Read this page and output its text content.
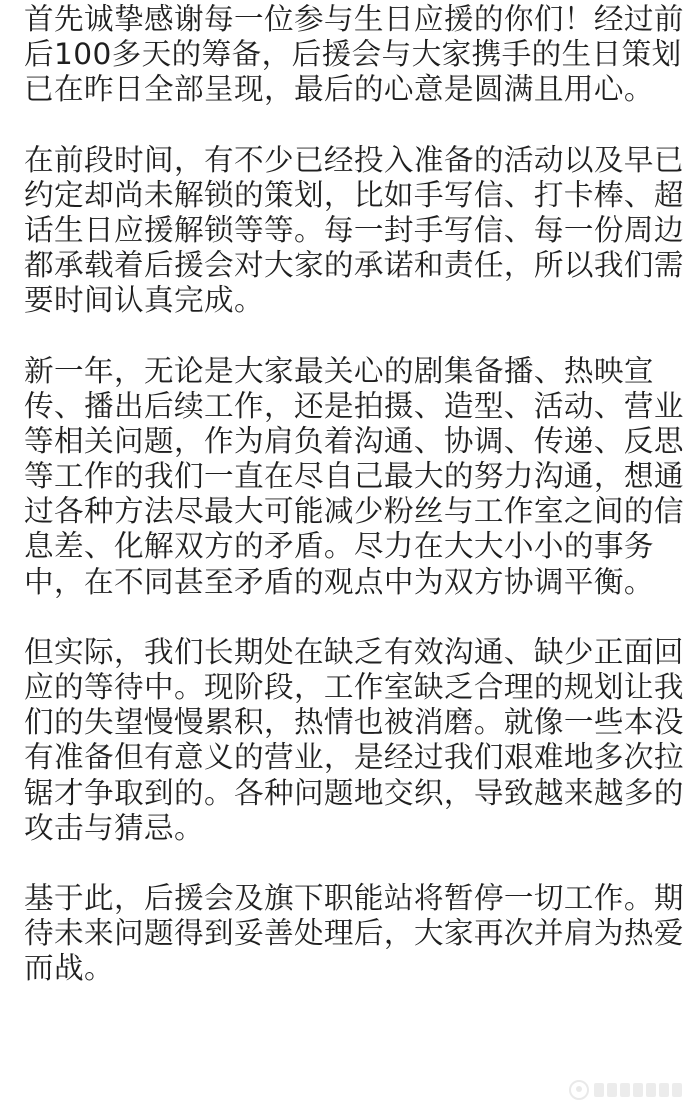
首先诚挚感谢每一位参与生日应援的你们！经过前
后100多天的筹备，后援会与大家携手的生日策划
已在昨日全部呈现，最后的心意是圆满且用心。

在前段时间，有不少已经投入准备的活动以及早已
约定却尚未解锁的策划，比如手写信、打卡棒、超
话生日应援解锁等等。每一封手写信、每一份周边
都承载着后援会对大家的承诺和责任，所以我们需
要时间认真完成。

新一年，无论是大家最关心的剧集备播、热映宣
传、播出后续工作，还是拍摄、造型、活动、营业
等相关问题，作为肩负着沟通、协调、传递、反思
等工作的我们一直在尽自己最大的努力沟通，想通
过各种方法尽最大可能减少粉丝与工作室之间的信
息差、化解双方的矛盾。尽力在大大小小的事务
中，在不同甚至矛盾的观点中为双方协调平衡。

但实际，我们长期处在缺乏有效沟通、缺少正面回
应的等待中。现阶段，工作室缺乏合理的规划让我
们的失望慢慢累积，热情也被消磨。就像一些本没
有准备但有意义的营业，是经过我们艰难地多次拉
锯才争取到的。各种问题地交织，导致越来越多的
攻击与猜忌。

基于此，后援会及旗下职能站将暂停一切工作。期
待未来问题得到妥善处理后，大家再次并肩为热爱
而战。
